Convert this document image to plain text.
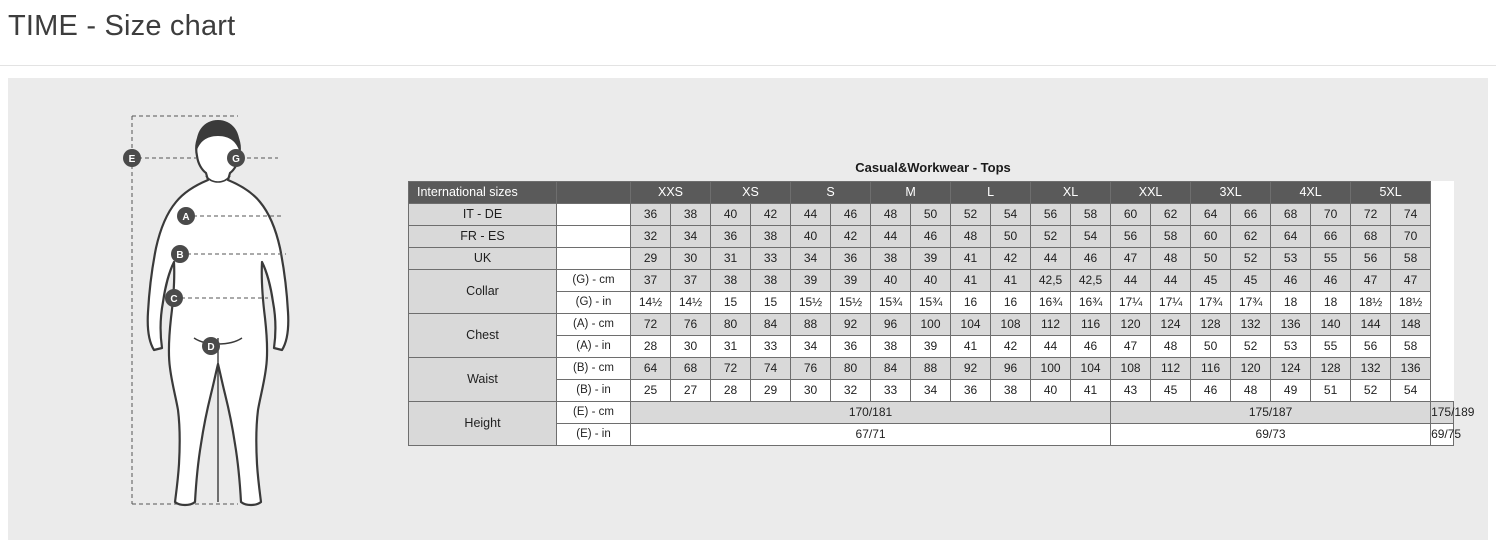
TIME - Size chart
E	G
A
B
C
D
Casual&Workwear - Tops
International sizes		XXS		XS		S		M		L		XL		XXL		3XL		4XL		5XL		
IT - DE		36	38	40	42	44	46	48	50	52	54	56	58	60	62	64	66	68	70	72	74	
FR - ES		32	34	36	38	40	42	44	46	48	50	52	54	56	58	60	62	64	66	68	70	
UK		29	30	31	33	34	36	38	39	41	42	44	46	47	48	50	52	53	55	56	58	
Collar	(G) - cm	37	37	38	38	39	39	40	40	41	41	42,5	42,5	44	44	45	45	46	46	47	47	
	(G) - in	14½	14½	15	15	15½	15½	15¾	15¾	16	16	16¾	16¾	17¼	17¼	17¾	17¾	18	18	18½	18½	
Chest	(A) - cm	72	76	80	84	88	92	96	100	104	108	112	116	120	124	128	132	136	140	144	148	
	(A) - in	28	30	31	33	34	36	38	39	41	42	44	46	47	48	50	52	53	55	56	58	
Waist	(B) - cm	64	68	72	74	76	80	84	88	92	96	100	104	108	112	116	120	124	128	132	136	
	(B) - in	25	27	28	29	30	32	33	34	36	38	40	41	43	45	46	48	49	51	52	54	
Height	(E) - cm	170/181												175/187								175/189
	(E) - in	67/71												69/73								69/75
